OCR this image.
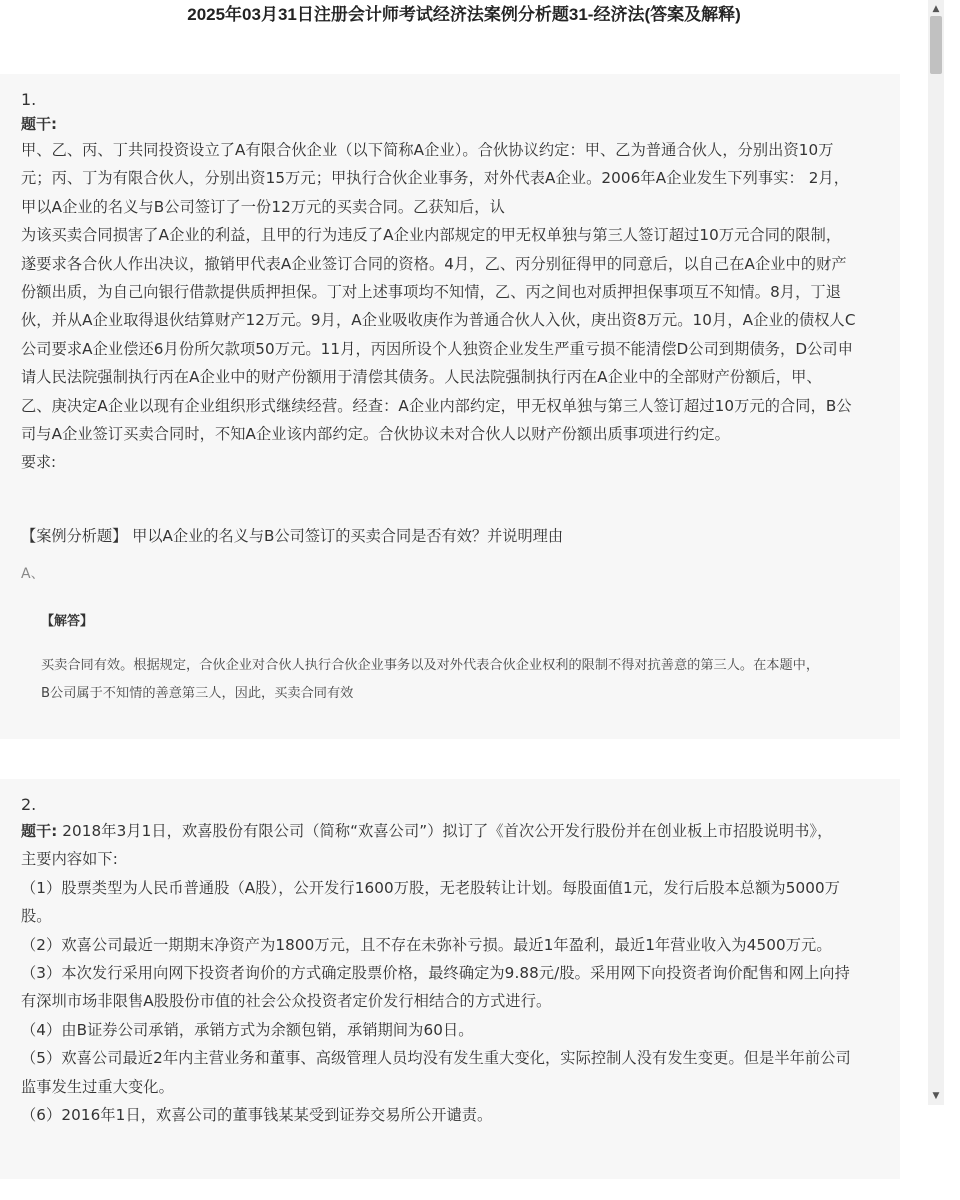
2025年03月31日注册会计师考试经济法案例分析题31-经济法(答案及解释)
1.
题干:
甲、乙、丙、丁共同投资设立了A有限合伙企业（以下简称A企业）。合伙协议约定：甲、乙为普通合伙人，分别出资10万
元；丙、丁为有限合伙人，分别出资15万元；甲执行合伙企业事务，对外代表A企业。2006年A企业发生下列事实： 2月，
甲以A企业的名义与B公司签订了一份12万元的买卖合同。乙获知后，认
为该买卖合同损害了A企业的利益，且甲的行为违反了A企业内部规定的甲无权单独与第三人签订超过10万元合同的限制，
遂要求各合伙人作出决议，撤销甲代表A企业签订合同的资格。4月，乙、丙分别征得甲的同意后，以自己在A企业中的财产
份额出质，为自己向银行借款提供质押担保。丁对上述事项均不知情，乙、丙之间也对质押担保事项互不知情。8月，丁退
伙，并从A企业取得退伙结算财产12万元。9月，A企业吸收庚作为普通合伙人入伙，庚出资8万元。10月，A企业的债权人C
公司要求A企业偿还6月份所欠款项50万元。11月，丙因所设个人独资企业发生严重亏损不能清偿D公司到期债务，D公司申
请人民法院强制执行丙在A企业中的财产份额用于清偿其债务。人民法院强制执行丙在A企业中的全部财产份额后，甲、
乙、庚决定A企业以现有企业组织形式继续经营。经查：A企业内部约定，甲无权单独与第三人签订超过10万元的合同，B公
司与A企业签订买卖合同时，不知A企业该内部约定。合伙协议未对合伙人以财产份额出质事项进行约定。
要求:
【案例分析题】 甲以A企业的名义与B公司签订的买卖合同是否有效？并说明理由
A、
【解答】
买卖合同有效。根据规定，合伙企业对合伙人执行合伙企业事务以及对外代表合伙企业权利的限制不得对抗善意的第三人。在本题中，
B公司属于不知情的善意第三人，因此，买卖合同有效
2.
题干: 2018年3月1日，欢喜股份有限公司（简称“欢喜公司”）拟订了《首次公开发行股份并在创业板上市招股说明书》，
主要内容如下:
（1）股票类型为人民币普通股（A股），公开发行1600万股，无老股转让计划。每股面值1元，发行后股本总额为5000万
股。
（2）欢喜公司最近一期期末净资产为1800万元，且不存在未弥补亏损。最近1年盈利，最近1年营业收入为4500万元。
（3）本次发行采用向网下投资者询价的方式确定股票价格，最终确定为9.88元/股。采用网下向投资者询价配售和网上向持
有深圳市场非限售A股股份市值的社会公众投资者定价发行相结合的方式进行。
（4）由B证券公司承销，承销方式为余额包销，承销期间为60日。
（5）欢喜公司最近2年内主营业务和董事、高级管理人员均没有发生重大变化，实际控制人没有发生变更。但是半年前公司
监事发生过重大变化。
（6）2016年1日，欢喜公司的董事钱某某受到证券交易所公开谴责。
▲
▼
